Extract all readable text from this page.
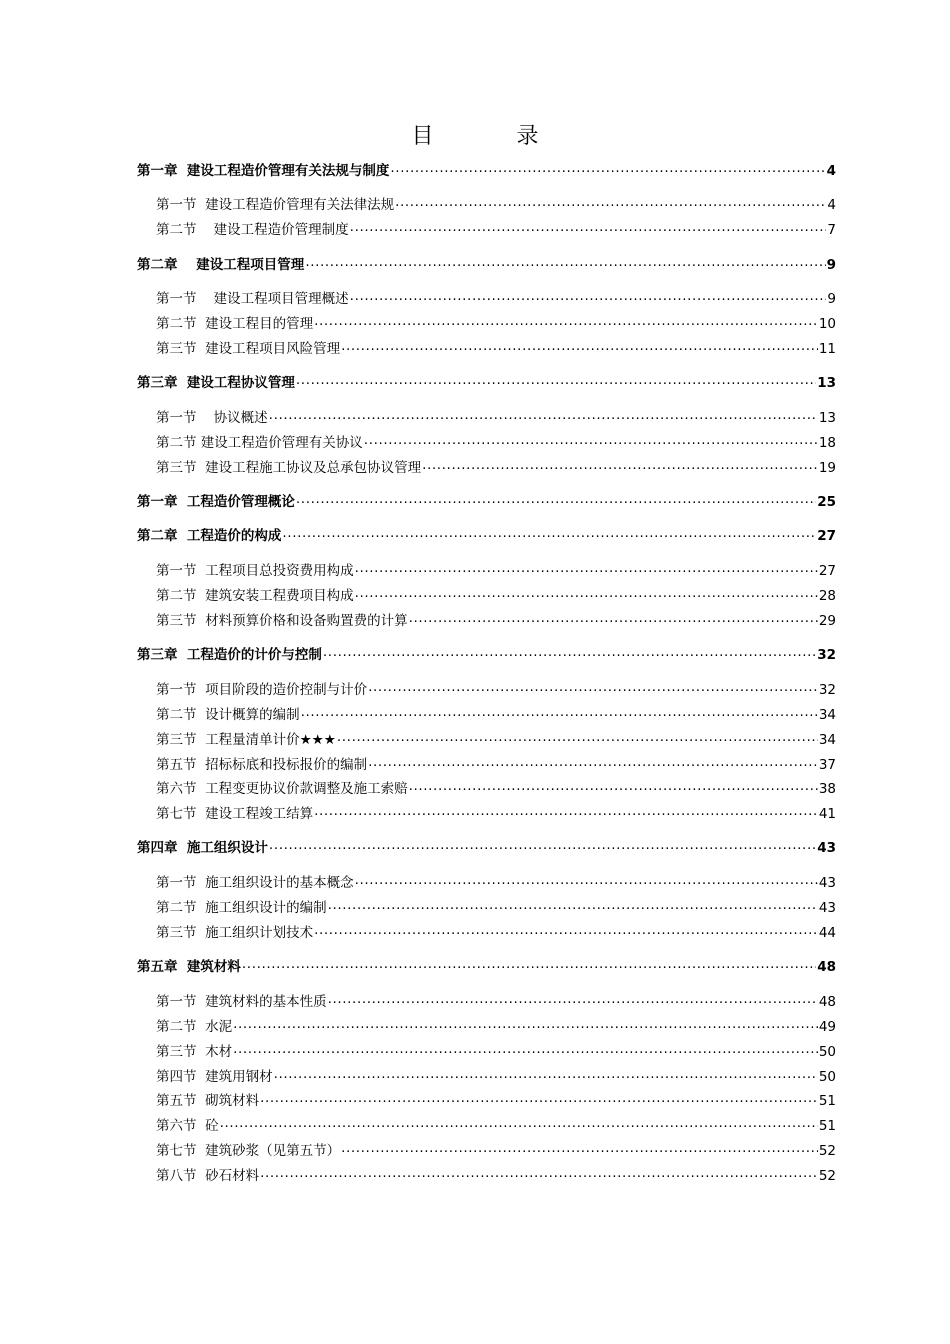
目 录
第一章  建设工程造价管理有关法规与制度 .....	4
第一节  建设工程造价管理有关法律法规 .....	4
第二节    建设工程造价管理制度 .....	7
第二章    建设工程项目管理 .....	9
第一节    建设工程项目管理概述 .....	9
第二节  建设工程目的管理 .....	10
第三节  建设工程项目风险管理 .....	11
第三章  建设工程协议管理 .....	13
第一节    协议概述 .....	13
第二节 建设工程造价管理有关协议 .....	18
第三节  建设工程施工协议及总承包协议管理 .....	19
第一章  工程造价管理概论 .....	25
第二章  工程造价的构成 .....	27
第一节  工程项目总投资费用构成 .....	27
第二节  建筑安装工程费项目构成 .....	28
第三节  材料预算价格和设备购置费的计算 .....	29
第三章  工程造价的计价与控制 .....	32
第一节  项目阶段的造价控制与计价 .....	32
第二节  设计概算的编制 .....	34
第三节  工程量清单计价★★★ .....	34
第五节  招标标底和投标报价的编制 .....	37
第六节  工程变更协议价款调整及施工索赔 .....	38
第七节  建设工程竣工结算 .....	41
第四章  施工组织设计 .....	43
第一节  施工组织设计的基本概念 .....	43
第二节  施工组织设计的编制 .....	43
第三节  施工组织计划技术 .....	44
第五章  建筑材料 .....	48
第一节  建筑材料的基本性质 .....	48
第二节  水泥 .....	49
第三节  木材 .....	50
第四节  建筑用钢材 .....	50
第五节  砌筑材料 .....	51
第六节  砼 .....	51
第七节  建筑砂浆（见第五节） .....	52
第八节  砂石材料 .....	52
